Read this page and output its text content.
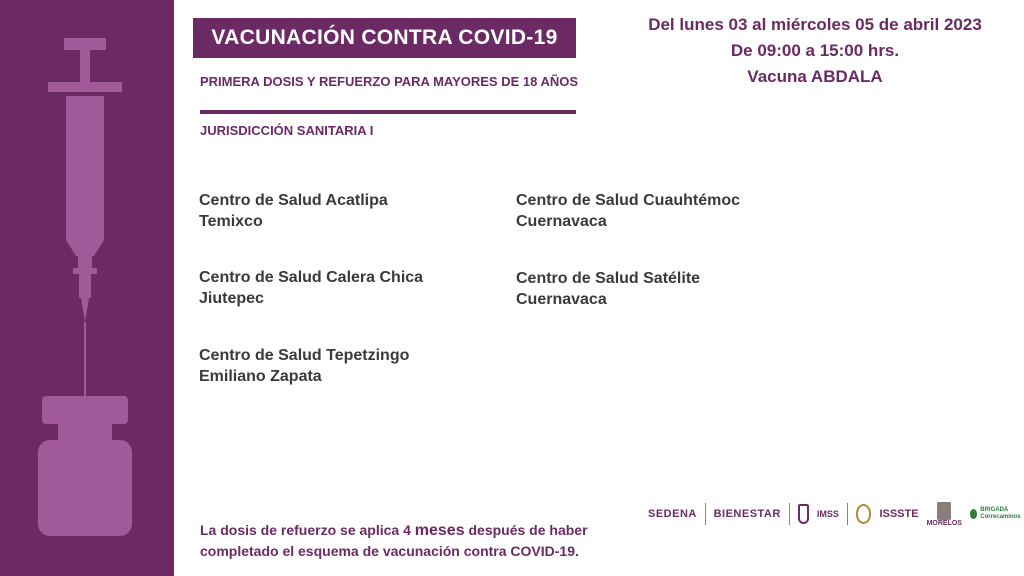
VACUNACIÓN CONTRA COVID-19
PRIMERA DOSIS Y REFUERZO PARA MAYORES DE 18 AÑOS
JURISDICCIÓN SANITARIA I
Del lunes 03 al miércoles 05 de abril 2023
De 09:00 a 15:00 hrs.
Vacuna ABDALA
Centro de Salud Acatlipa
Temixco
Centro de Salud Calera Chica
Jiutepec
Centro de Salud Tepetzingo
Emiliano Zapata
Centro de Salud Cuauhtémoc
Cuernavaca
Centro de Salud Satélite
Cuernavaca
La dosis de refuerzo se aplica 4 meses después de haber completado el esquema de vacunación contra COVID-19.
SEDENA BIENESTAR	IMSS	ISSSTE
MORELOS
BRIGADA Correcaminos
